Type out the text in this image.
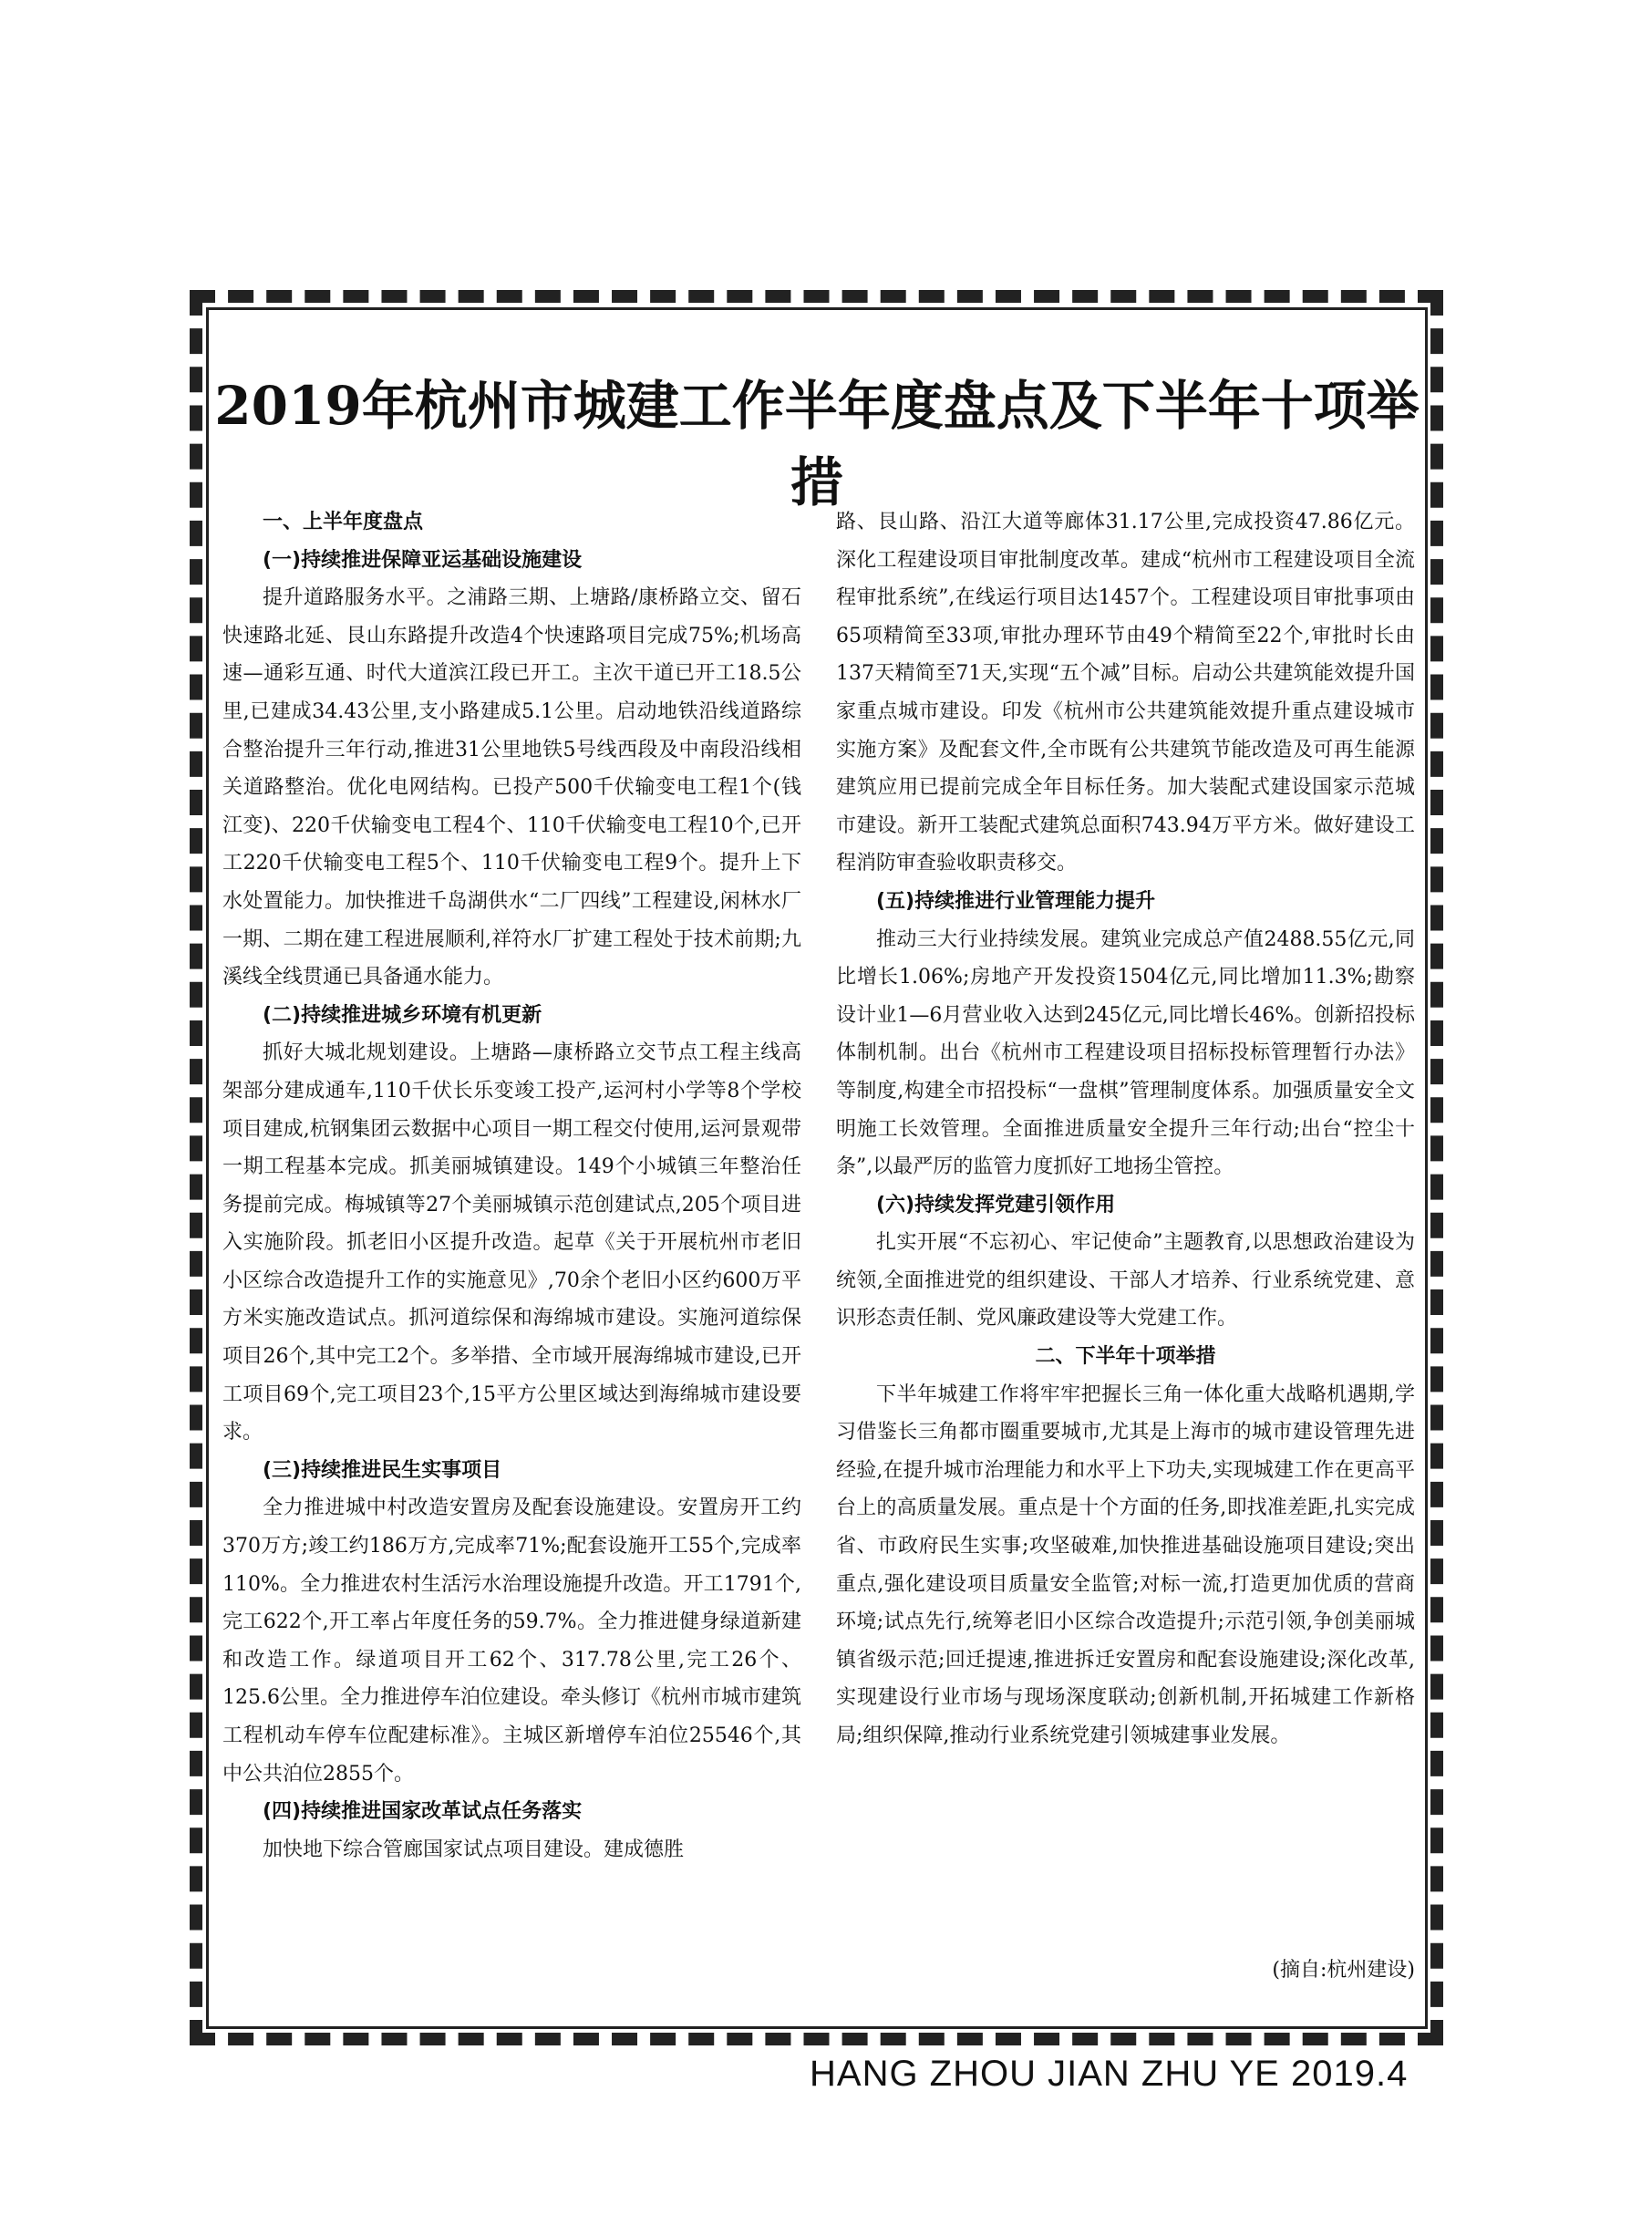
2019年杭州市城建工作半年度盘点及下半年十项举措
一、上半年度盘点
(一)持续推进保障亚运基础设施建设

提升道路服务水平。之浦路三期、上塘路/康桥路立交、留石快速路北延、艮山东路提升改造4个快速路项目完成75%;机场高速—通彩互通、时代大道滨江段已开工。主次干道已开工18.5公里,已建成34.43公里,支小路建成5.1公里。启动地铁沿线道路综合整治提升三年行动,推进31公里地铁5号线西段及中南段沿线相关道路整治。优化电网结构。已投产500千伏输变电工程1个(钱江变)、220千伏输变电工程4个、110千伏输变电工程10个,已开工220千伏输变电工程5个、110千伏输变电工程9个。提升上下水处置能力。加快推进千岛湖供水“二厂四线”工程建设,闲林水厂一期、二期在建工程进展顺利,祥符水厂扩建工程处于技术前期;九溪线全线贯通已具备通水能力。

(二)持续推进城乡环境有机更新

抓好大城北规划建设。上塘路—康桥路立交节点工程主线高架部分建成通车,110千伏长乐变竣工投产,运河村小学等8个学校项目建成,杭钢集团云数据中心项目一期工程交付使用,运河景观带一期工程基本完成。抓美丽城镇建设。149个小城镇三年整治任务提前完成。梅城镇等27个美丽城镇示范创建试点,205个项目进入实施阶段。抓老旧小区提升改造。起草《关于开展杭州市老旧小区综合改造提升工作的实施意见》,70余个老旧小区约600万平方米实施改造试点。抓河道综保和海绵城市建设。实施河道综保项目26个,其中完工2个。多举措、全市域开展海绵城市建设,已开工项目69个,完工项目23个,15平方公里区域达到海绵城市建设要求。

(三)持续推进民生实事项目

全力推进城中村改造安置房及配套设施建设。安置房开工约370万方;竣工约186万方,完成率71%;配套设施开工55个,完成率110%。全力推进农村生活污水治理设施提升改造。开工1791个,完工622个,开工率占年度任务的59.7%。全力推进健身绿道新建和改造工作。绿道项目开工62个、317.78公里,完工26个、125.6公里。全力推进停车泊位建设。牵头修订《杭州市城市建筑工程机动车停车位配建标准》。主城区新增停车泊位25546个,其中公共泊位2855个。

(四)持续推进国家改革试点任务落实

加快地下综合管廊国家试点项目建设。建成德胜

路、艮山路、沿江大道等廊体31.17公里,完成投资47.86亿元。深化工程建设项目审批制度改革。建成“杭州市工程建设项目全流程审批系统”,在线运行项目达1457个。工程建设项目审批事项由65项精简至33项,审批办理环节由49个精简至22个,审批时长由137天精简至71天,实现“五个减”目标。启动公共建筑能效提升国家重点城市建设。印发《杭州市公共建筑能效提升重点建设城市实施方案》及配套文件,全市既有公共建筑节能改造及可再生能源建筑应用已提前完成全年目标任务。加大装配式建设国家示范城市建设。新开工装配式建筑总面积743.94万平方米。做好建设工程消防审查验收职责移交。

(五)持续推进行业管理能力提升

推动三大行业持续发展。建筑业完成总产值2488.55亿元,同比增长1.06%;房地产开发投资1504亿元,同比增加11.3%;勘察设计业1—6月营业收入达到245亿元,同比增长46%。创新招投标体制机制。出台《杭州市工程建设项目招标投标管理暂行办法》等制度,构建全市招投标“一盘棋”管理制度体系。加强质量安全文明施工长效管理。全面推进质量安全提升三年行动;出台“控尘十条”,以最严厉的监管力度抓好工地扬尘管控。

(六)持续发挥党建引领作用

扎实开展“不忘初心、牢记使命”主题教育,以思想政治建设为统领,全面推进党的组织建设、干部人才培养、行业系统党建、意识形态责任制、党风廉政建设等大党建工作。

二、下半年十项举措

下半年城建工作将牢牢把握长三角一体化重大战略机遇期,学习借鉴长三角都市圈重要城市,尤其是上海市的城市建设管理先进经验,在提升城市治理能力和水平上下功夫,实现城建工作在更高平台上的高质量发展。重点是十个方面的任务,即找准差距,扎实完成省、市政府民生实事;攻坚破难,加快推进基础设施项目建设;突出重点,强化建设项目质量安全监管;对标一流,打造更加优质的营商环境;试点先行,统筹老旧小区综合改造提升;示范引领,争创美丽城镇省级示范;回迁提速,推进拆迁安置房和配套设施建设;深化改革,实现建设行业市场与现场深度联动;创新机制,开拓城建工作新格局;组织保障,推动行业系统党建引领城建事业发展。

(摘自:杭州建设)
HANG ZHOU JIAN ZHU YE 2019.4
